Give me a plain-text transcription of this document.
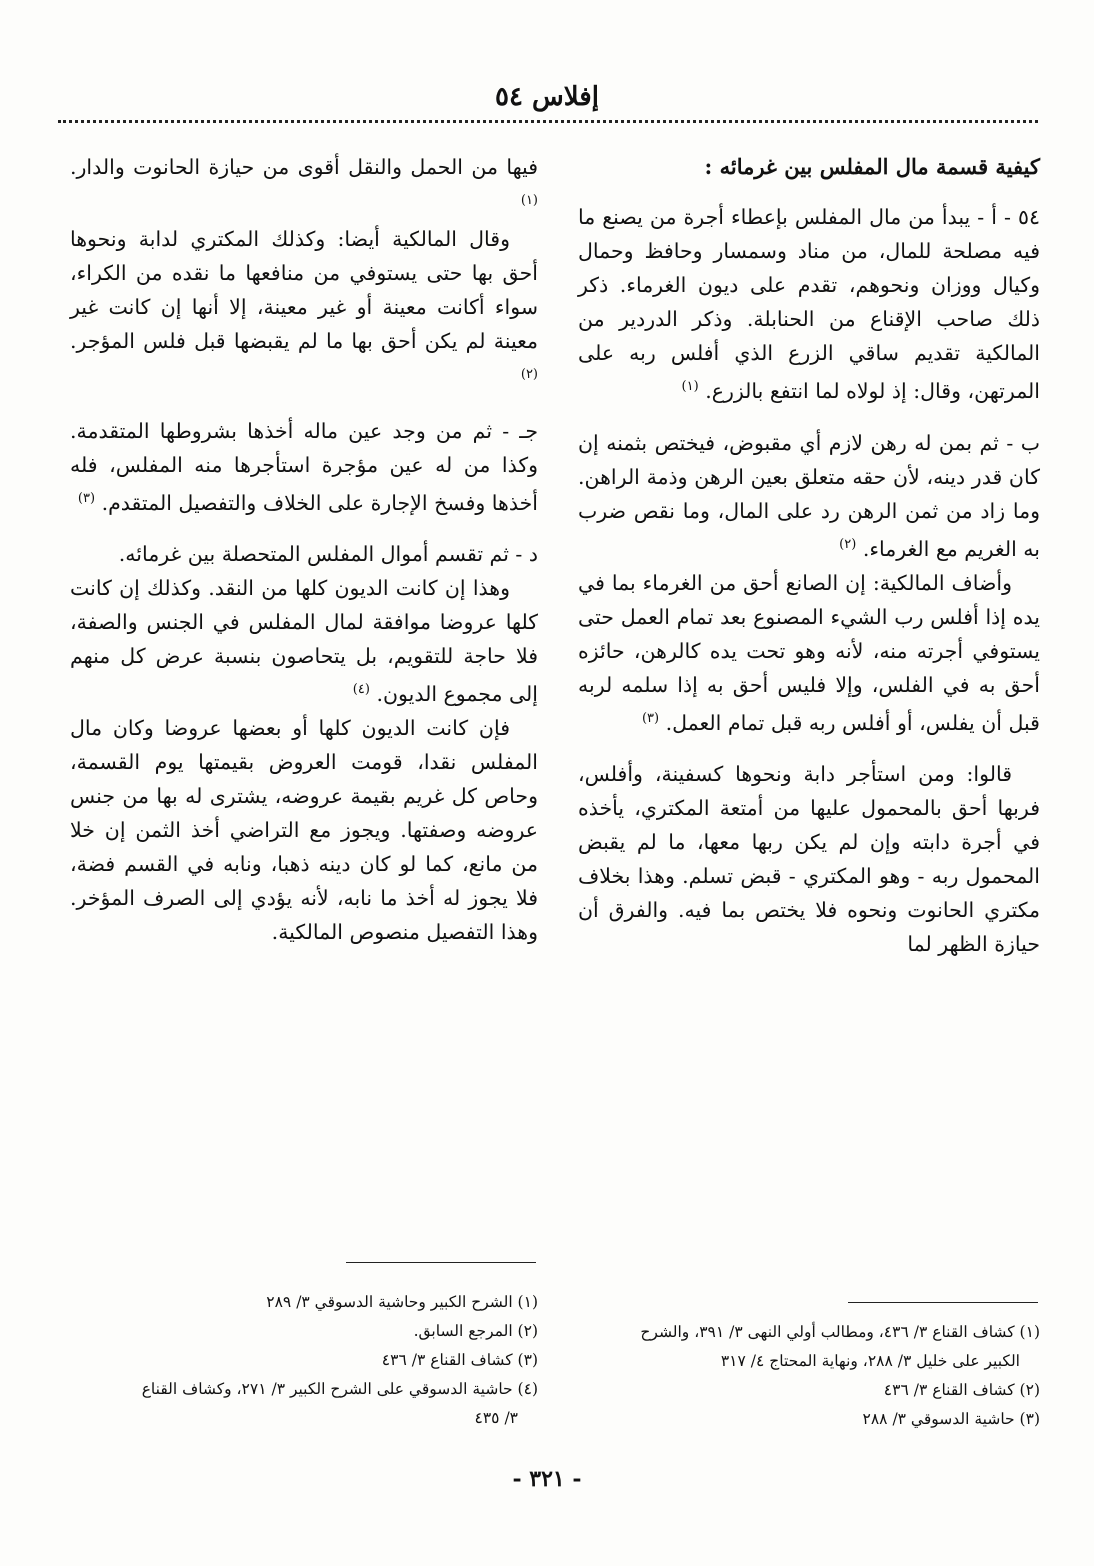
إفلاس ٥٤

كيفية قسمة مال المفلس بين غرمائه :

٥٤ - أ - يبدأ من مال المفلس بإعطاء أجرة من يصنع ما فيه مصلحة للمال، من مناد وسمسار وحافظ وحمال وكيال ووزان ونحوهم، تقدم على ديون الغرماء. ذكر ذلك صاحب الإقناع من الحنابلة. وذكر الدردير من المالكية تقديم ساقي الزرع الذي أفلس ربه على المرتهن، وقال: إذ لولاه لما انتفع بالزرع. $^{(١)}$

ب - ثم بمن له رهن لازم أي مقبوض، فيختص بثمنه إن كان قدر دينه، لأن حقه متعلق بعين الرهن وذمة الراهن. وما زاد من ثمن الرهن رد على المال، وما نقص ضرب به الغريم مع الغرماء. $^{(٢)}$

وأضاف المالكية: إن الصانع أحق من الغرماء بما في يده إذا أفلس رب الشيء المصنوع بعد تمام العمل حتى يستوفي أجرته منه، لأنه وهو تحت يده كالرهن، حائزه أحق به في الفلس، وإلا فليس أحق به إذا سلمه لربه قبل أن يفلس، أو أفلس ربه قبل تمام العمل. $^{(٣)}$

قالوا: ومن استأجر دابة ونحوها كسفينة، وأفلس، فربها أحق بالمحمول عليها من أمتعة المكتري، يأخذه في أجرة دابته وإن لم يكن ربها معها، ما لم يقبض المحمول ربه - وهو المكتري - قبض تسلم. وهذا بخلاف مكتري الحانوت ونحوه فلا يختص بما فيه. والفرق أن حيازة الظهر لما

فيها من الحمل والنقل أقوى من حيازة الحانوت والدار. $^{(١)}$

وقال المالكية أيضا: وكذلك المكتري لدابة ونحوها أحق بها حتى يستوفي من منافعها ما نقده من الكراء، سواء أكانت معينة أو غير معينة، إلا أنها إن كانت غير معينة لم يكن أحق بها ما لم يقبضها قبل فلس المؤجر. $^{(٢)}$

جـ - ثم من وجد عين ماله أخذها بشروطها المتقدمة. وكذا من له عين مؤجرة استأجرها منه المفلس، فله أخذها وفسخ الإجارة على الخلاف والتفصيل المتقدم. $^{(٣)}$

د - ثم تقسم أموال المفلس المتحصلة بين غرمائه.

وهذا إن كانت الديون كلها من النقد. وكذلك إن كانت كلها عروضا موافقة لمال المفلس في الجنس والصفة، فلا حاجة للتقويم، بل يتحاصون بنسبة عرض كل منهم إلى مجموع الديون. $^{(٤)}$

فإن كانت الديون كلها أو بعضها عروضا وكان مال المفلس نقدا، قومت العروض بقيمتها يوم القسمة، وحاص كل غريم بقيمة عروضه، يشترى له بها من جنس عروضه وصفتها. ويجوز مع التراضي أخذ الثمن إن خلا من مانع، كما لو كان دينه ذهبا، ونابه في القسم فضة، فلا يجوز له أخذ ما نابه، لأنه يؤدي إلى الصرف المؤخر. وهذا التفصيل منصوص المالكية.

(١) كشاف القناع ٣/ ٤٣٦، ومطالب أولي النهى ٣/ ٣٩١، والشرح

الكبير على خليل ٣/ ٢٨٨، ونهاية المحتاج ٤/ ٣١٧

(٢) كشاف القناع ٣/ ٤٣٦

(٣) حاشية الدسوقي ٣/ ٢٨٨

(١) الشرح الكبير وحاشية الدسوقي ٣/ ٢٨٩

(٢) المرجع السابق.

(٣) كشاف القناع ٣/ ٤٣٦

(٤) حاشية الدسوقي على الشرح الكبير ٣/ ٢٧١، وكشاف القناع

٣/ ٤٣٥

- ٣٢١ -
